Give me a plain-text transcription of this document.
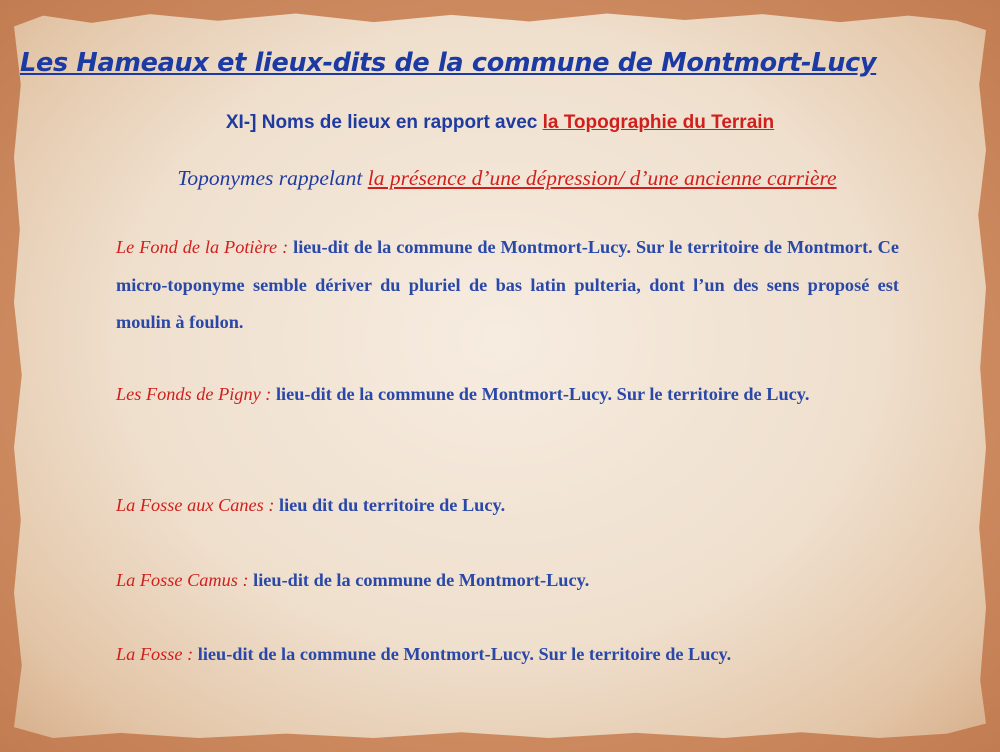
Les Hameaux et lieux-dits de la commune de Montmort-Lucy

XI-] Noms de lieux en rapport avec la Topographie du Terrain

Toponymes rappelant la présence d’une dépression/ d’une ancienne carrière

Le Fond de la Potière : lieu-dit de la commune de Montmort-Lucy. Sur le territoire de Montmort. Ce micro-toponyme semble dériver du pluriel de bas latin pulteria, dont l’un des sens proposé est moulin à foulon.

Les Fonds de Pigny : lieu-dit de la commune de Montmort-Lucy. Sur le territoire de Lucy.

La Fosse aux Canes : lieu dit du territoire de Lucy.

La Fosse Camus : lieu-dit de la commune de Montmort-Lucy.

La Fosse : lieu-dit de la commune de Montmort-Lucy. Sur le territoire de Lucy.
